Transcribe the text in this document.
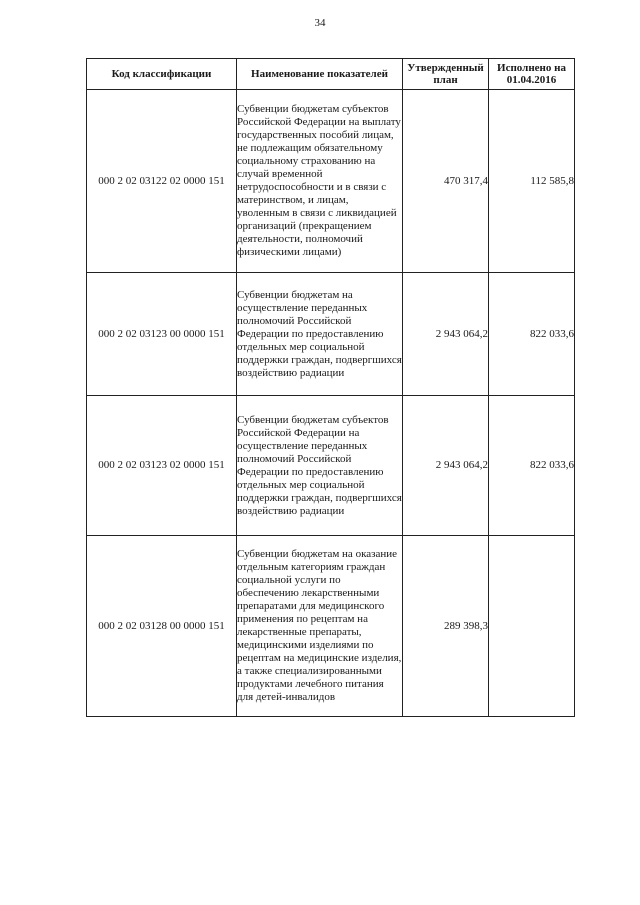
34
Код классификации	Наименование показателей	Утвержденный план	Исполнено на 01.04.2016
000 2 02 03122 02 0000 151	Субвенции бюджетам субъектов Российской Федерации на выплату государственных пособий лицам, не подлежащим обязательному социальному страхованию на случай временной нетрудоспособности и в связи с материнством, и лицам, уволенным в связи с ликвидацией организаций (прекращением деятельности, полномочий физическими лицами)	470 317,4	112 585,8
000 2 02 03123 00 0000 151	Субвенции бюджетам на осуществление переданных полномочий Российской Федерации по предоставлению отдельных мер социальной поддержки граждан, подвергшихся воздействию радиации	2 943 064,2	822 033,6
000 2 02 03123 02 0000 151	Субвенции бюджетам субъектов Российской Федерации на осуществление переданных полномочий Российской Федерации по предоставлению отдельных мер социальной поддержки граждан, подвергшихся воздействию радиации	2 943 064,2	822 033,6
000 2 02 03128 00 0000 151	Субвенции бюджетам на оказание отдельным категориям граждан социальной услуги по обеспечению лекарственными препаратами для медицинского применения по рецептам на лекарственные препараты, медицинскими изделиями по рецептам на медицинские изделия, а также специализированными продуктами лечебного питания для детей-инвалидов	289 398,3	
